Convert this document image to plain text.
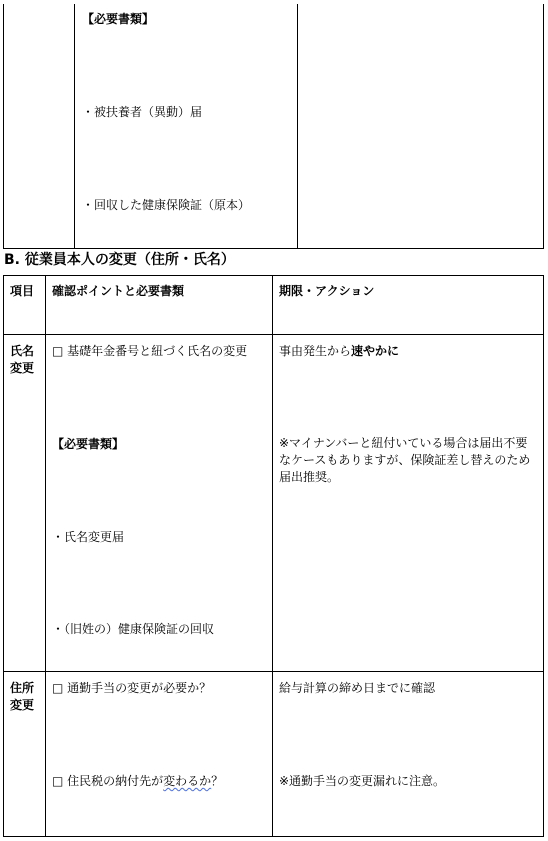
【必要書類】
・被扶養者（異動）届
・回収した健康保険証（原本）
B. 従業員本人の変更（住所・氏名）
項目 確認ポイントと必要書類	期限・アクション
氏名
変更
□ 基礎年金番号と紐づく氏名の変更
【必要書類】
・氏名変更届
・（旧姓の）健康保険証の回収
事由発生から速やかに
※マイナンバーと紐付いている場合は届出不要なケースもありますが、保険証差し替えのため届出推奨。
住所
変更
□ 通勤手当の変更が必要か？
□ 住民税の納付先が変わるか？
給与計算の締め日までに確認
※通勤手当の変更漏れに注意。
